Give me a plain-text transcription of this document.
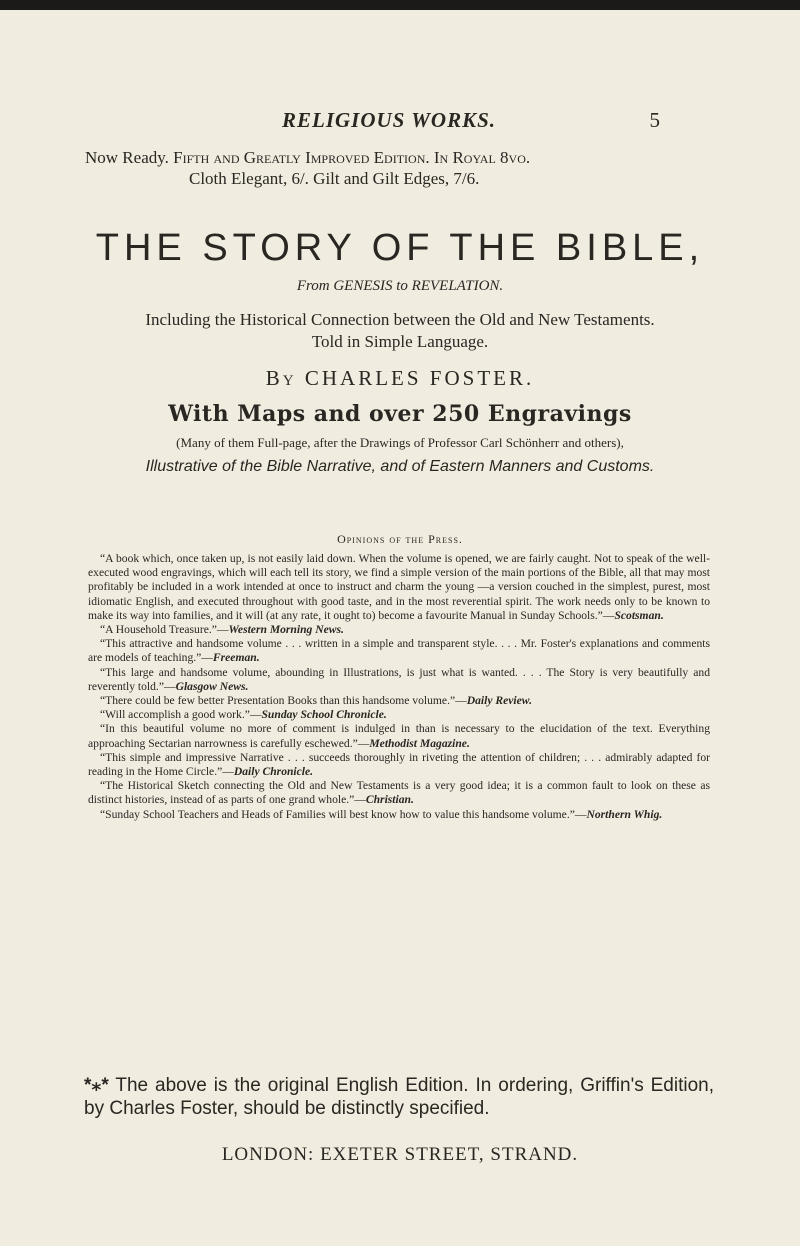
RELIGIOUS WORKS.	5
Now Ready. Fifth and Greatly Improved Edition. In Royal 8vo.
Cloth Elegant, 6/. Gilt and Gilt Edges, 7/6.
THE STORY OF THE BIBLE,
From GENESIS to REVELATION.
Including the Historical Connection between the Old and New Testaments.
Told in Simple Language.
By CHARLES FOSTER.
With Maps and over 250 Engravings
(Many of them Full-page, after the Drawings of Professor Carl Schönherr and others),
Illustrative of the Bible Narrative, and of Eastern Manners and Customs.
Opinions of the Press.

“A book which, once taken up, is not easily laid down. When the volume is opened, we are fairly caught. Not to speak of the well-executed wood engravings, which will each tell its story, we find a simple version of the main portions of the Bible, all that may most profitably be included in a work intended at once to instruct and charm the young —a version couched in the simplest, purest, most idiomatic English, and executed throughout with good taste, and in the most reverential spirit. The work needs only to be known to make its way into families, and it will (at any rate, it ought to) become a favourite Manual in Sunday Schools.”—Scotsman.

“A Household Treasure.”—Western Morning News.

“This attractive and handsome volume . . . written in a simple and transparent style. . . . Mr. Foster's explanations and comments are models of teaching.”—Freeman.

“This large and handsome volume, abounding in Illustrations, is just what is wanted. . . . The Story is very beautifully and reverently told.”—Glasgow News.

“There could be few better Presentation Books than this handsome volume.”—Daily Review.

“Will accomplish a good work.”—Sunday School Chronicle.

“In this beautiful volume no more of comment is indulged in than is necessary to the elucidation of the text. Everything approaching Sectarian narrowness is carefully eschewed.”—Methodist Magazine.

“This simple and impressive Narrative . . . succeeds thoroughly in riveting the attention of children; . . . admirably adapted for reading in the Home Circle.”—Daily Chronicle.

“The Historical Sketch connecting the Old and New Testaments is a very good idea; it is a common fault to look on these as distinct histories, instead of as parts of one grand whole.”—Christian.

“Sunday School Teachers and Heads of Families will best know how to value this handsome volume.”—Northern Whig.

*⁎* The above is the original English Edition. In ordering, Griffin's Edition, by Charles Foster, should be distinctly specified.
LONDON: EXETER STREET, STRAND.
